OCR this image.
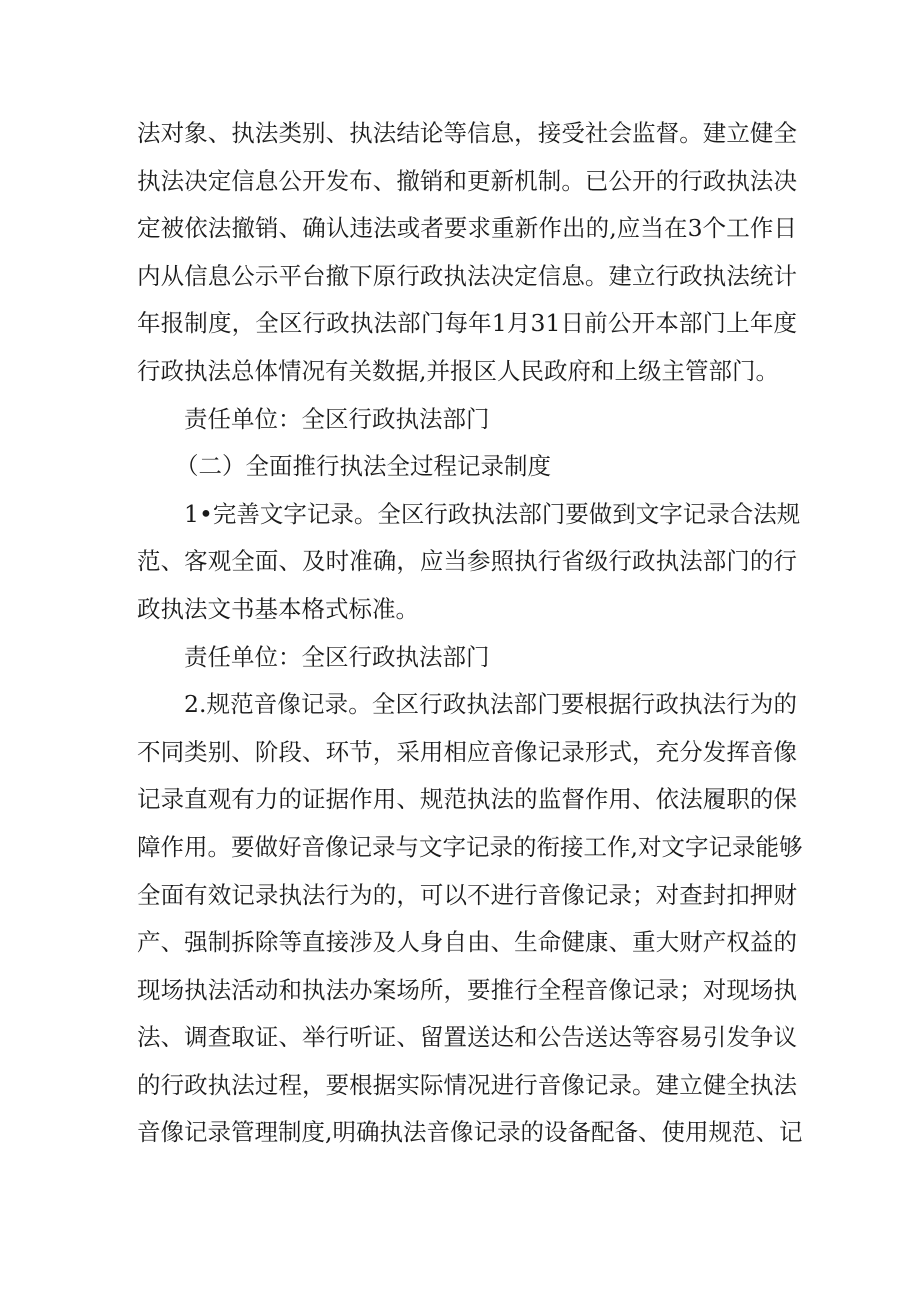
法对象、执法类别、执法结论等信息，接受社会监督。建立健全
执法决定信息公开发布、撤销和更新机制。已公开的行政执法决
定被依法撤销、确认违法或者要求重新作出的,应当在3个工作日
内从信息公示平台撤下原行政执法决定信息。建立行政执法统计
年报制度，全区行政执法部门每年1月31日前公开本部门上年度
行政执法总体情况有关数据,并报区人民政府和上级主管部门。
责任单位：全区行政执法部门
（二）全面推行执法全过程记录制度
1•完善文字记录。全区行政执法部门要做到文字记录合法规
范、客观全面、及时准确，应当参照执行省级行政执法部门的行
政执法文书基本格式标准。
责任单位：全区行政执法部门
2.规范音像记录。全区行政执法部门要根据行政执法行为的
不同类别、阶段、环节，采用相应音像记录形式，充分发挥音像
记录直观有力的证据作用、规范执法的监督作用、依法履职的保
障作用。要做好音像记录与文字记录的衔接工作,对文字记录能够
全面有效记录执法行为的，可以不进行音像记录；对查封扣押财
产、强制拆除等直接涉及人身自由、生命健康、重大财产权益的
现场执法活动和执法办案场所，要推行全程音像记录；对现场执
法、调查取证、举行听证、留置送达和公告送达等容易引发争议
的行政执法过程，要根据实际情况进行音像记录。建立健全执法
音像记录管理制度,明确执法音像记录的设备配备、使用规范、记
